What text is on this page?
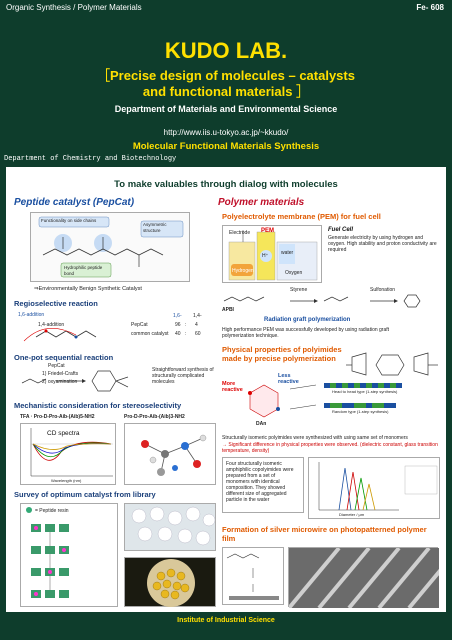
Organic Synthesis / Polymer Materials	Fe- 608
KUDO LAB.
［Precise design of molecules – catalysts
and functional materials ］
Department of Materials and Environmental Science
http://www.iis.u-tokyo.ac.jp/~kkudo/
Molecular Functional Materials Synthesis
Department of Chemistry and Biotechnology
To make valuables through dialog with molecules
Peptide catalyst (PepCat)
Functionality on side chains
Asymmetric structure
Hydrophilic peptide bond
⇒Environmentally Benign Synthetic Catalyst
Regioselective reaction
1,6-addition
1,4-addition
1,6- 1,4-
PepCat	96 : 4
common catalyst 40 : 60
One-pot sequential reaction
PepCat
1) Friedel-Crafts
2) oxyamination
Straightforward synthesis of structurally complicated molecules
Mechanistic consideration for stereoselectivity
TFA · Pro-D-Pro-Aib-(Aib)5-NH2	Pro-D-Pro-Aib-(Aib)3-NH2
CD spectra
Wavelength (nm)
Survey of optimum catalyst from library
= Peptide resin
Polymer materials
Polyelectrolyte membrane (PEM) for fuel cell
Electrode PEM
water
Hydrogen	Oxygen
H⁺
Fuel Cell
Generate electricity by using hydrogen and oxygen. High stability and proton conductivity are required
APBI
Styrene	Sulfonation
Radiation graft polymerization
High performance PEM was successfully developed by using radiation graft polymerization technique.
Physical properties of polyimides made by precise polymerization
More reactive
Less reactive
DAn
Head to head type (1-step synthesis)
Random type (1-step synthesis)
Structurally isomeric polyimides were synthesized with using same set of monomers
→ Significant difference in physical properties were observed. (dielectric constant, glass transition temperature, density)
Four structurally isomeric amphiphilic copolyimides were prepared from a set of monomers with identical composition. They showed different size of aggregated particle in the water
Diameter / μm
Formation of silver microwire on photopatterned polymer film
Institute of Industrial Science
